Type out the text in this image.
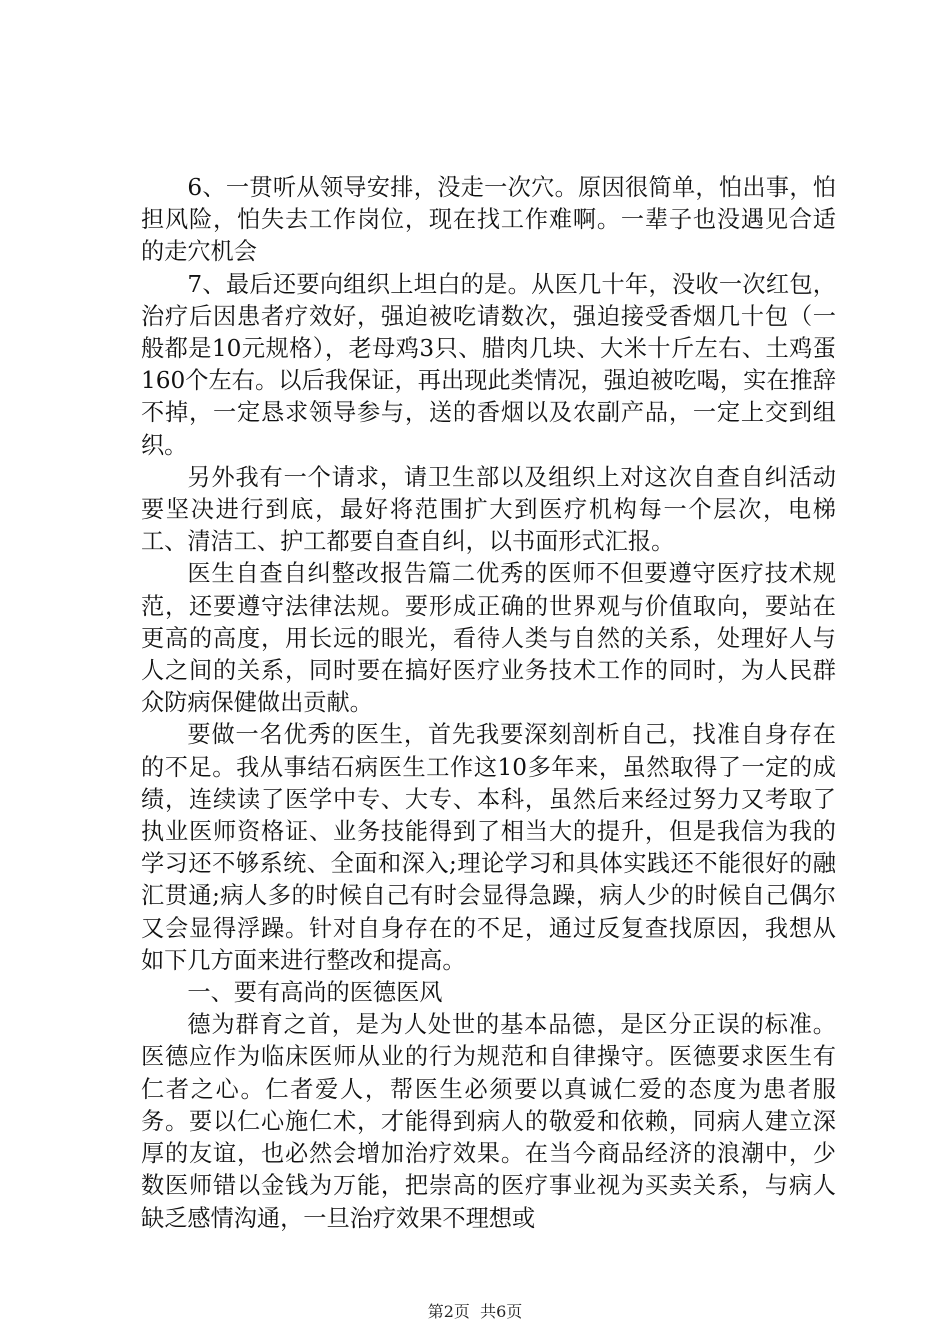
6、一贯听从领导安排，没走一次穴。原因很简单，怕出事，怕担风险，怕失去工作岗位，现在找工作难啊。一辈子也没遇见合适的走穴机会

7、最后还要向组织上坦白的是。从医几十年，没收一次红包，治疗后因患者疗效好，强迫被吃请数次，强迫接受香烟几十包（一般都是10元规格），老母鸡3只、腊肉几块、大米十斤左右、土鸡蛋160个左右。以后我保证，再出现此类情况，强迫被吃喝，实在推辞不掉，一定恳求领导参与，送的香烟以及农副产品，一定上交到组织。

另外我有一个请求，请卫生部以及组织上对这次自查自纠活动要坚决进行到底，最好将范围扩大到医疗机构每一个层次，电梯工、清洁工、护工都要自查自纠，以书面形式汇报。

医生自查自纠整改报告篇二优秀的医师不但要遵守医疗技术规范，还要遵守法律法规。要形成正确的世界观与价值取向，要站在更高的高度，用长远的眼光，看待人类与自然的关系，处理好人与人之间的关系，同时要在搞好医疗业务技术工作的同时，为人民群众防病保健做出贡献。

要做一名优秀的医生，首先我要深刻剖析自己，找准自身存在的不足。我从事结石病医生工作这10多年来，虽然取得了一定的成绩，连续读了医学中专、大专、本科，虽然后来经过努力又考取了执业医师资格证、业务技能得到了相当大的提升，但是我信为我的学习还不够系统、全面和深入;理论学习和具体实践还不能很好的融汇贯通;病人多的时候自己有时会显得急躁，病人少的时候自己偶尔又会显得浮躁。针对自身存在的不足，通过反复查找原因，我想从如下几方面来进行整改和提高。

一、要有高尚的医德医风

德为群育之首，是为人处世的基本品德，是区分正误的标准。医德应作为临床医师从业的行为规范和自律操守。医德要求医生有仁者之心。仁者爱人，帮医生必须要以真诚仁爱的态度为患者服务。要以仁心施仁术，才能得到病人的敬爱和依赖，同病人建立深厚的友谊，也必然会增加治疗效果。在当今商品经济的浪潮中，少数医师错以金钱为万能，把崇高的医疗事业视为买卖关系，与病人缺乏感情沟通，一旦治疗效果不理想或

第2页  共6页
